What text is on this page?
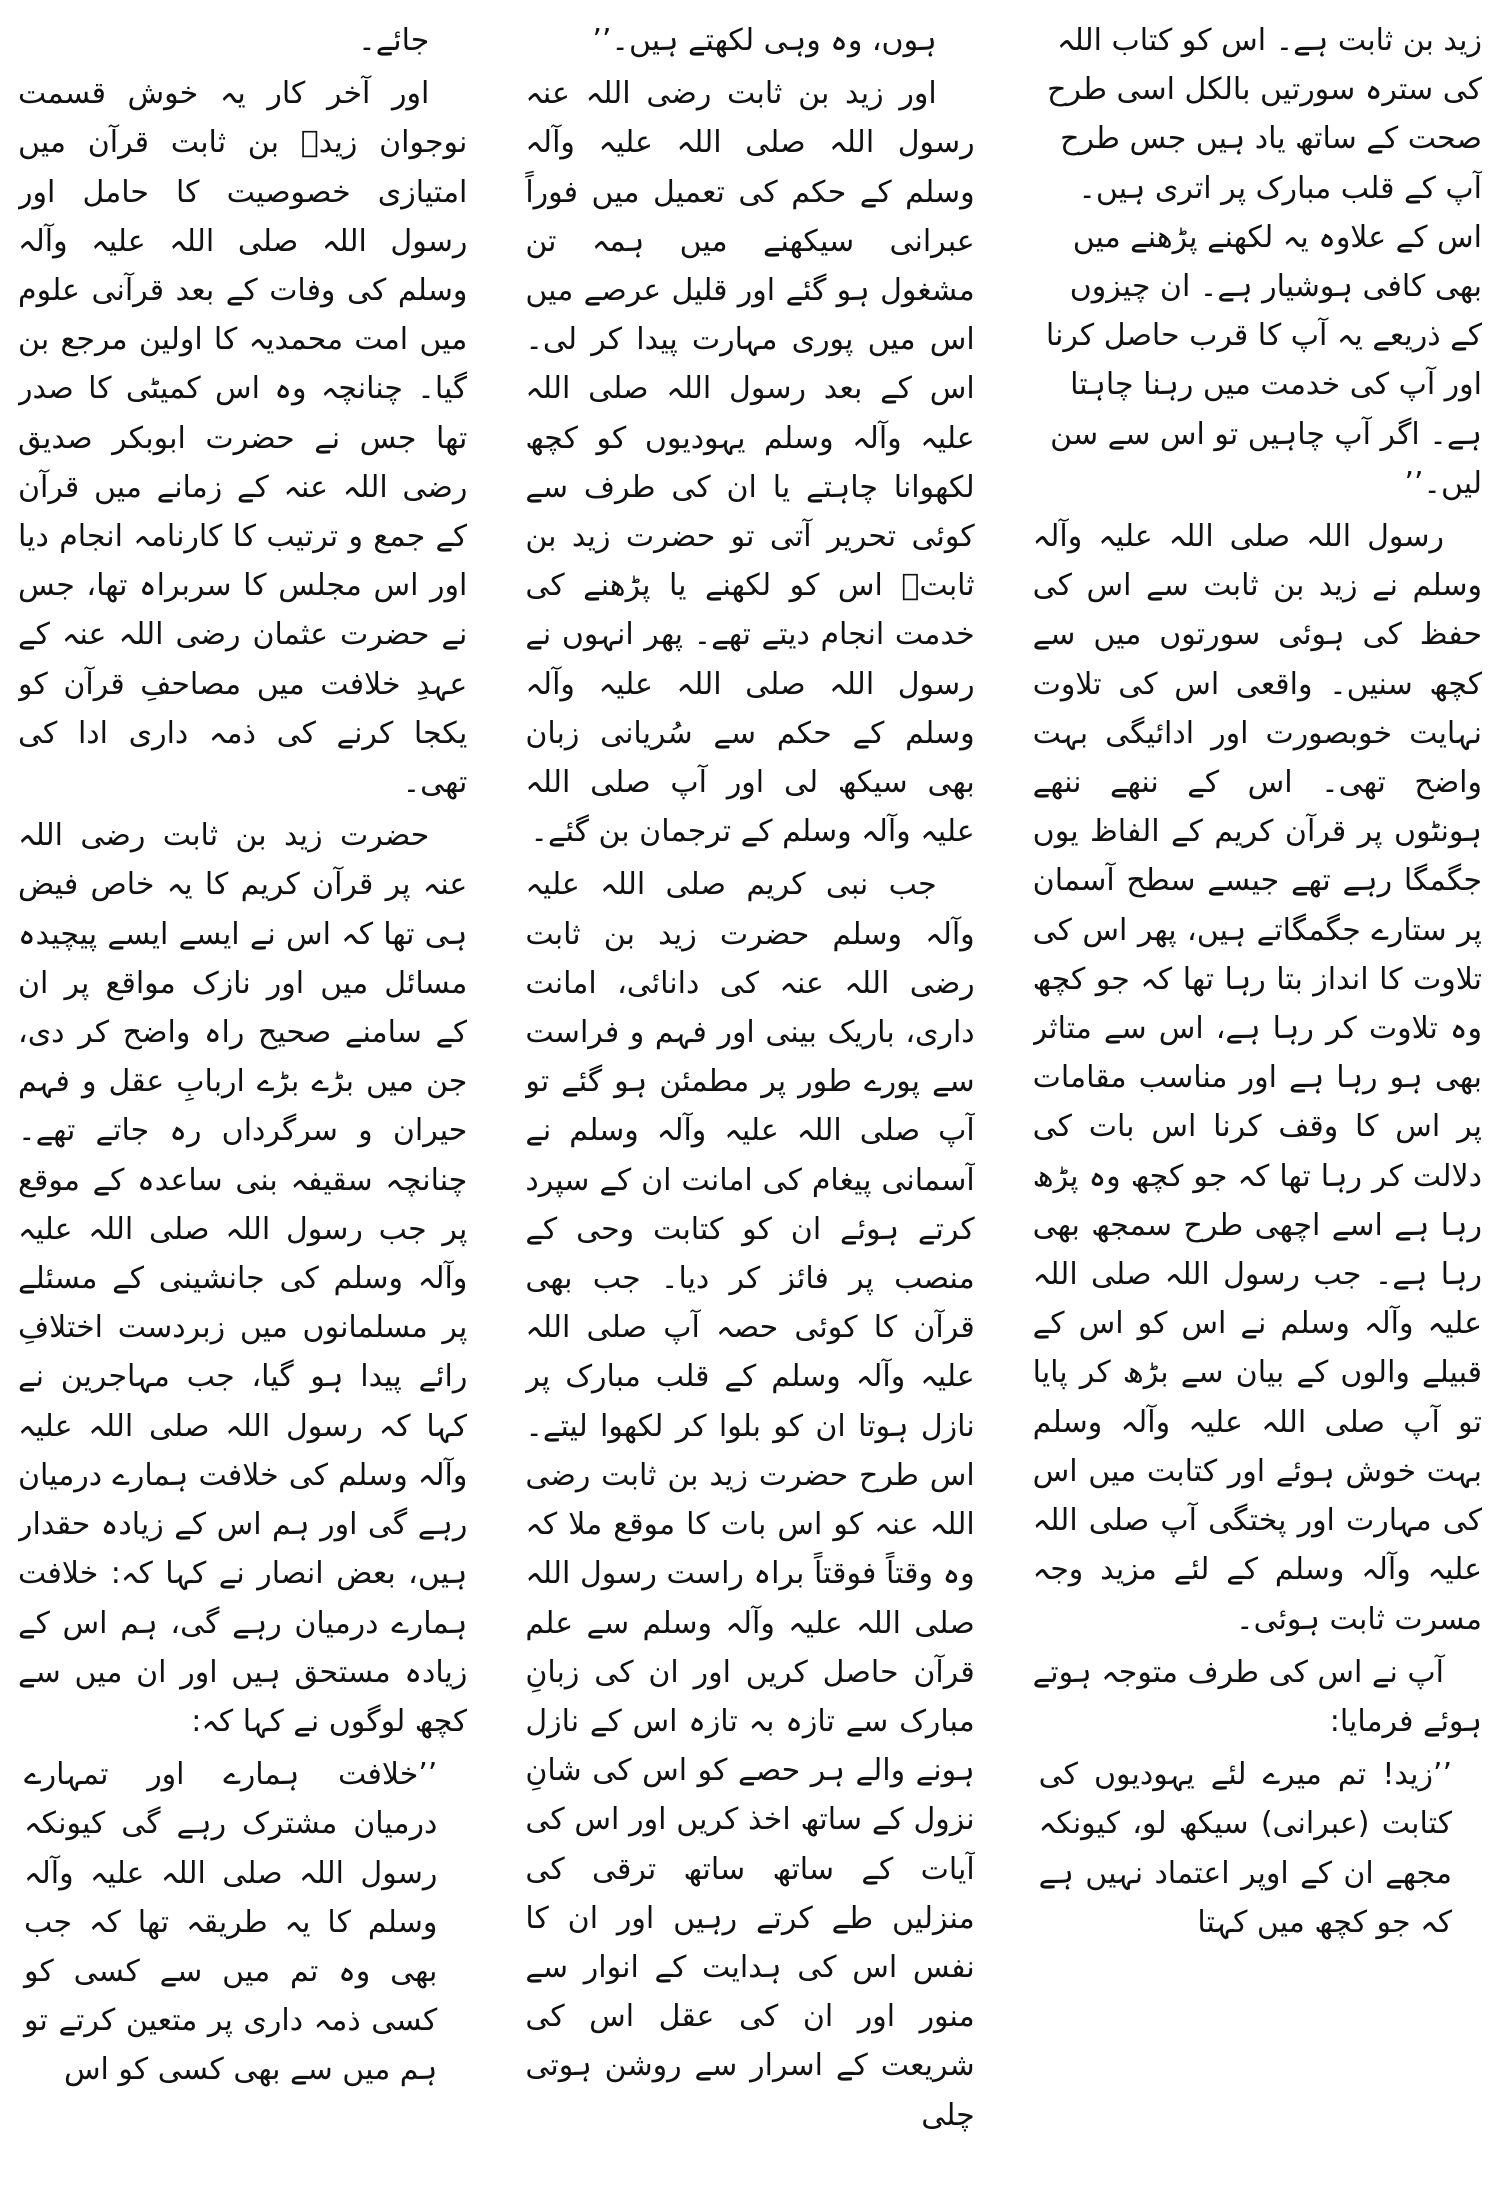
زید بن ثابت ہے۔ اس کو کتاب اللہ کی سترہ سورتیں بالکل اسی طرح صحت کے ساتھ یاد ہیں جس طرح آپ کے قلب مبارک پر اتری ہیں۔ اس کے علاوہ یہ لکھنے پڑھنے میں بھی کافی ہوشیار ہے۔ ان چیزوں کے ذریعے یہ آپ کا قرب حاصل کرنا اور آپ کی خدمت میں رہنا چاہتا ہے۔ اگر آپ چاہیں تو اس سے سن لیں۔’’

رسول اللہ صلی اللہ علیہ وآلہ وسلم نے زید بن ثابت سے اس کی حفظ کی ہوئی سورتوں میں سے کچھ سنیں۔ واقعی اس کی تلاوت نہایت خوبصورت اور ادائیگی بہت واضح تھی۔ اس کے ننھے ننھے ہونٹوں پر قرآن کریم کے الفاظ یوں جگمگا رہے تھے جیسے سطح آسمان پر ستارے جگمگاتے ہیں، پھر اس کی تلاوت کا انداز بتا رہا تھا کہ جو کچھ وہ تلاوت کر رہا ہے، اس سے متاثر بھی ہو رہا ہے اور مناسب مقامات پر اس کا وقف کرنا اس بات کی دلالت کر رہا تھا کہ جو کچھ وہ پڑھ رہا ہے اسے اچھی طرح سمجھ بھی رہا ہے۔ جب رسول اللہ صلی اللہ علیہ وآلہ وسلم نے اس کو اس کے قبیلے والوں کے بیان سے بڑھ کر پایا تو آپ صلی اللہ علیہ وآلہ وسلم بہت خوش ہوئے اور کتابت میں اس کی مہارت اور پختگی آپ صلی اللہ علیہ وآلہ وسلم کے لئے مزید وجہ مسرت ثابت ہوئی۔

آپ نے اس کی طرف متوجہ ہوتے ہوئے فرمایا:

’’زید! تم میرے لئے یہودیوں کی کتابت (عبرانی) سیکھ لو، کیونکہ مجھے ان کے اوپر اعتماد نہیں ہے کہ جو کچھ میں کہتا

ہوں، وہ وہی لکھتے ہیں۔’’

اور زید بن ثابت رضی اللہ عنہ رسول اللہ صلی اللہ علیہ وآلہ وسلم کے حکم کی تعمیل میں فوراً عبرانی سیکھنے میں ہمہ تن مشغول ہو گئے اور قلیل عرصے میں اس میں پوری مہارت پیدا کر لی۔ اس کے بعد رسول اللہ صلی اللہ علیہ وآلہ وسلم یہودیوں کو کچھ لکھوانا چاہتے یا ان کی طرف سے کوئی تحریر آتی تو حضرت زید بن ثابتؓ اس کو لکھنے یا پڑھنے کی خدمت انجام دیتے تھے۔ پھر انہوں نے رسول اللہ صلی اللہ علیہ وآلہ وسلم کے حکم سے سُریانی زبان بھی سیکھ لی اور آپ صلی اللہ علیہ وآلہ وسلم کے ترجمان بن گئے۔

جب نبی کریم صلی اللہ علیہ وآلہ وسلم حضرت زید بن ثابت رضی اللہ عنہ کی دانائی، امانت داری، باریک بینی اور فہم و فراست سے پورے طور پر مطمئن ہو گئے تو آپ صلی اللہ علیہ وآلہ وسلم نے آسمانی پیغام کی امانت ان کے سپرد کرتے ہوئے ان کو کتابت وحی کے منصب پر فائز کر دیا۔ جب بھی قرآن کا کوئی حصہ آپ صلی اللہ علیہ وآلہ وسلم کے قلب مبارک پر نازل ہوتا ان کو بلوا کر لکھوا لیتے۔ اس طرح حضرت زید بن ثابت رضی اللہ عنہ کو اس بات کا موقع ملا کہ وہ وقتاً فوقتاً براہ راست رسول اللہ صلی اللہ علیہ وآلہ وسلم سے علم قرآن حاصل کریں اور ان کی زبانِ مبارک سے تازہ بہ تازہ اس کے نازل ہونے والے ہر حصے کو اس کی شانِ نزول کے ساتھ اخذ کریں اور اس کی آیات کے ساتھ ساتھ ترقی کی منزلیں طے کرتے رہیں اور ان کا نفس اس کی ہدایت کے انوار سے منور اور ان کی عقل اس کی شریعت کے اسرار سے روشن ہوتی چلی

جائے۔

اور آخر کار یہ خوش قسمت نوجوان زیدؓ بن ثابت قرآن میں امتیازی خصوصیت کا حامل اور رسول اللہ صلی اللہ علیہ وآلہ وسلم کی وفات کے بعد قرآنی علوم میں امت محمدیہ کا اولین مرجع بن گیا۔ چنانچہ وہ اس کمیٹی کا صدر تھا جس نے حضرت ابوبکر صدیق رضی اللہ عنہ کے زمانے میں قرآن کے جمع و ترتیب کا کارنامہ انجام دیا اور اس مجلس کا سربراہ تھا، جس نے حضرت عثمان رضی اللہ عنہ کے عہدِ خلافت میں مصاحفِ قرآن کو یکجا کرنے کی ذمہ داری ادا کی تھی۔

حضرت زید بن ثابت رضی اللہ عنہ پر قرآن کریم کا یہ خاص فیض ہی تھا کہ اس نے ایسے ایسے پیچیدہ مسائل میں اور نازک مواقع پر ان کے سامنے صحیح راہ واضح کر دی، جن میں بڑے بڑے اربابِ عقل و فہم حیران و سرگرداں رہ جاتے تھے۔ چنانچہ سقیفہ بنی ساعدہ کے موقع پر جب رسول اللہ صلی اللہ علیہ وآلہ وسلم کی جانشینی کے مسئلے پر مسلمانوں میں زبردست اختلافِ رائے پیدا ہو گیا، جب مہاجرین نے کہا کہ رسول اللہ صلی اللہ علیہ وآلہ وسلم کی خلافت ہمارے درمیان رہے گی اور ہم اس کے زیادہ حقدار ہیں، بعض انصار نے کہا کہ: خلافت ہمارے درمیان رہے گی، ہم اس کے زیادہ مستحق ہیں اور ان میں سے کچھ لوگوں نے کہا کہ:

’’خلافت ہمارے اور تمہارے درمیان مشترک رہے گی کیونکہ رسول اللہ صلی اللہ علیہ وآلہ وسلم کا یہ طریقہ تھا کہ جب بھی وہ تم میں سے کسی کو کسی ذمہ داری پر متعین کرتے تو ہم میں سے بھی کسی کو اس
